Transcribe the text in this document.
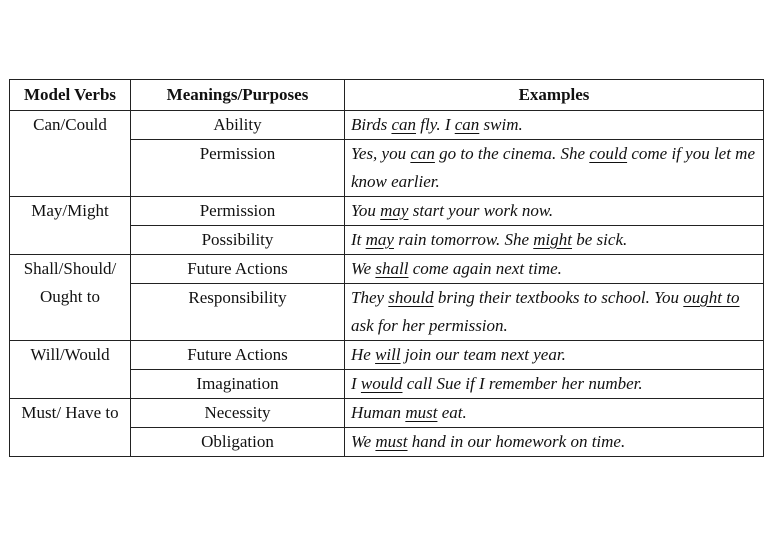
Model Verbs	Meanings/Purposes	Examples
Can/Could	Ability	Birds can fly. I can swim.
	Permission	Yes, you can go to the cinema. She could come if you let me know earlier.
May/Might	Permission	You may start your work now.
	Possibility	It may rain tomorrow. She might be sick.
Shall/Should/ Ought to	Future Actions	We shall come again next time.
	Responsibility	They should bring their textbooks to school. You ought to ask for her permission.
Will/Would	Future Actions	He will join our team next year.
	Imagination	I would call Sue if I remember her number.
Must/ Have to	Necessity	Human must eat.
	Obligation	We must hand in our homework on time.
